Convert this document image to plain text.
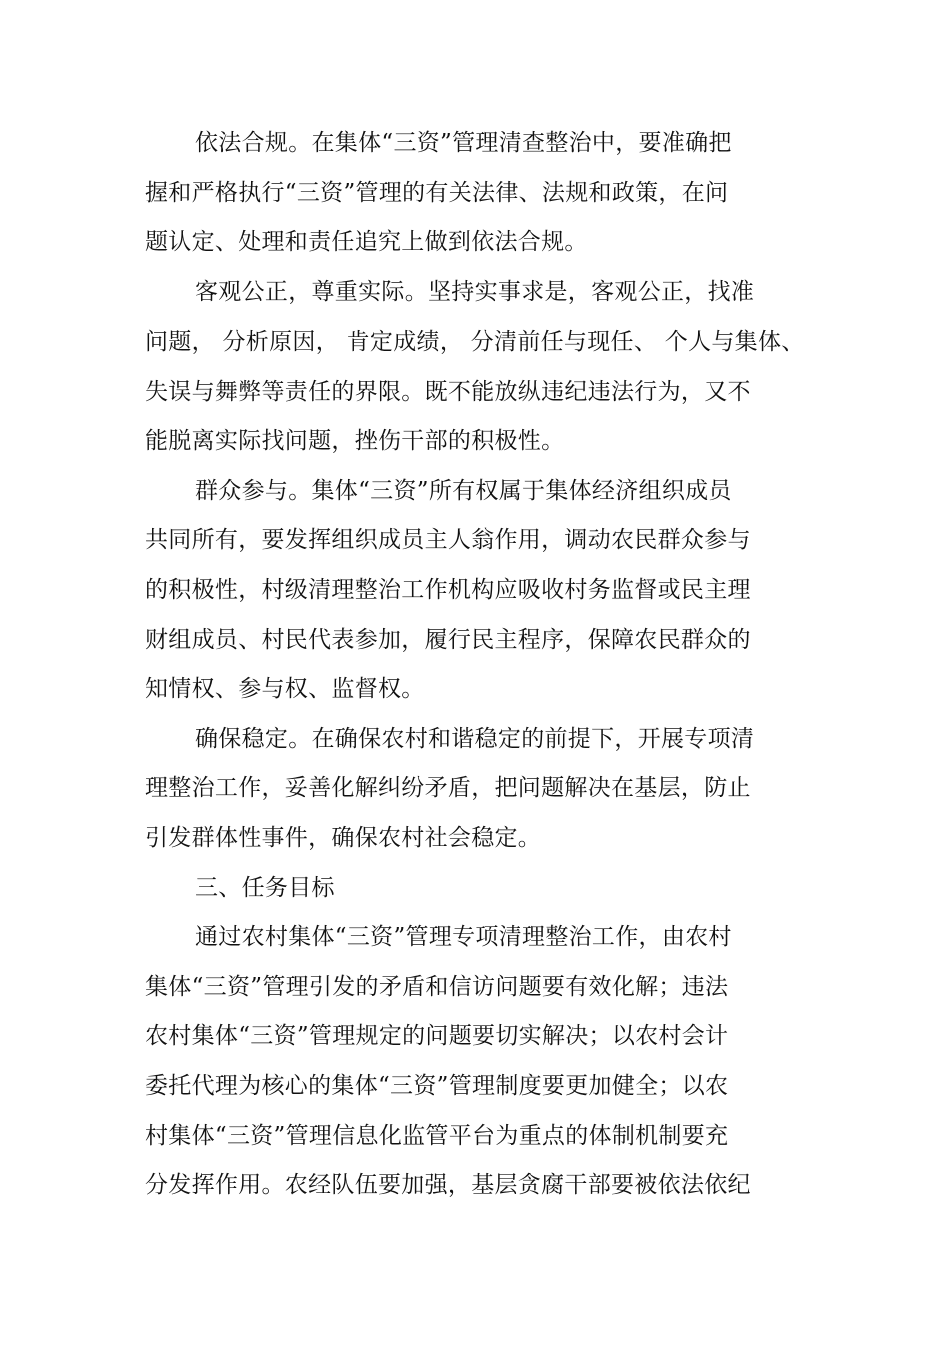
依法合规。在集体“三资”管理清查整治中，要准确把
握和严格执行“三资”管理的有关法律、法规和政策，在问
题认定、处理和责任追究上做到依法合规。
客观公正，尊重实际。坚持实事求是，客观公正，找准
问题， 分析原因， 肯定成绩， 分清前任与现任、 个人与集体、
失误与舞弊等责任的界限。既不能放纵违纪违法行为，又不
能脱离实际找问题，挫伤干部的积极性。
群众参与。集体“三资”所有权属于集体经济组织成员
共同所有，要发挥组织成员主人翁作用，调动农民群众参与
的积极性，村级清理整治工作机构应吸收村务监督或民主理
财组成员、村民代表参加，履行民主程序，保障农民群众的
知情权、参与权、监督权。
确保稳定。在确保农村和谐稳定的前提下，开展专项清
理整治工作，妥善化解纠纷矛盾，把问题解决在基层，防止
引发群体性事件，确保农村社会稳定。
三、任务目标
通过农村集体“三资”管理专项清理整治工作，由农村
集体“三资”管理引发的矛盾和信访问题要有效化解；违法
农村集体“三资”管理规定的问题要切实解决；以农村会计
委托代理为核心的集体“三资”管理制度要更加健全；以农
村集体“三资”管理信息化监管平台为重点的体制机制要充
分发挥作用。农经队伍要加强，基层贪腐干部要被依法依纪
